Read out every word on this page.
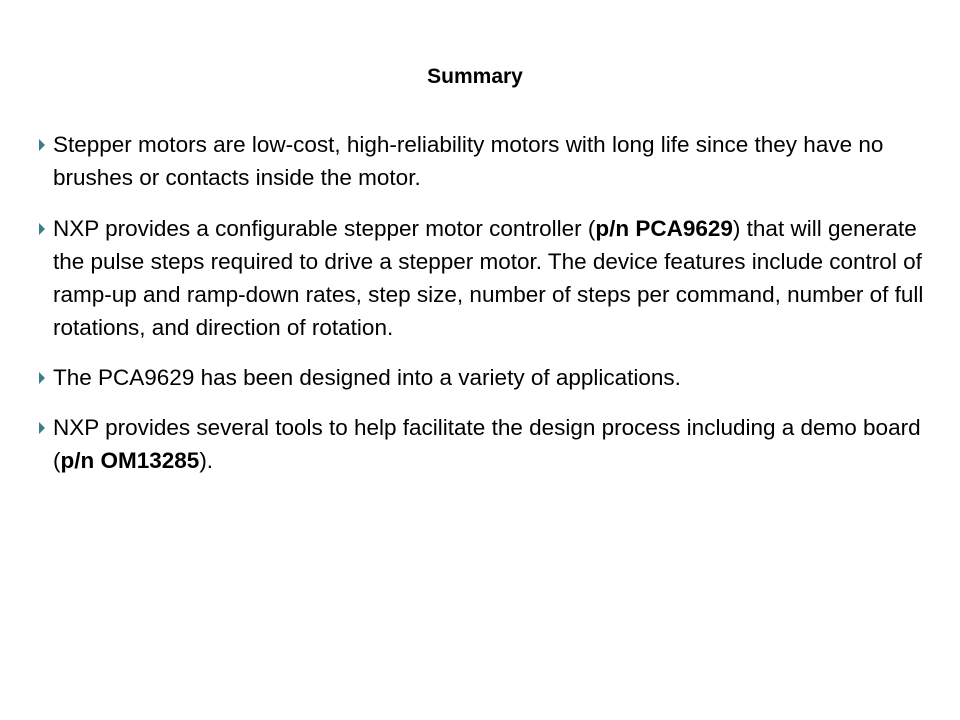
Summary
Stepper motors are low-cost, high-reliability motors with long life since they have no brushes or contacts inside the motor.
NXP provides a configurable stepper motor controller (p/n PCA9629) that will generate the pulse steps required to drive a stepper motor. The device features include control of ramp-up and ramp-down rates, step size, number of steps per command, number of full rotations, and direction of rotation.
The PCA9629 has been designed into a variety of applications.
NXP provides several tools to help facilitate the design process including a demo board (p/n OM13285).
